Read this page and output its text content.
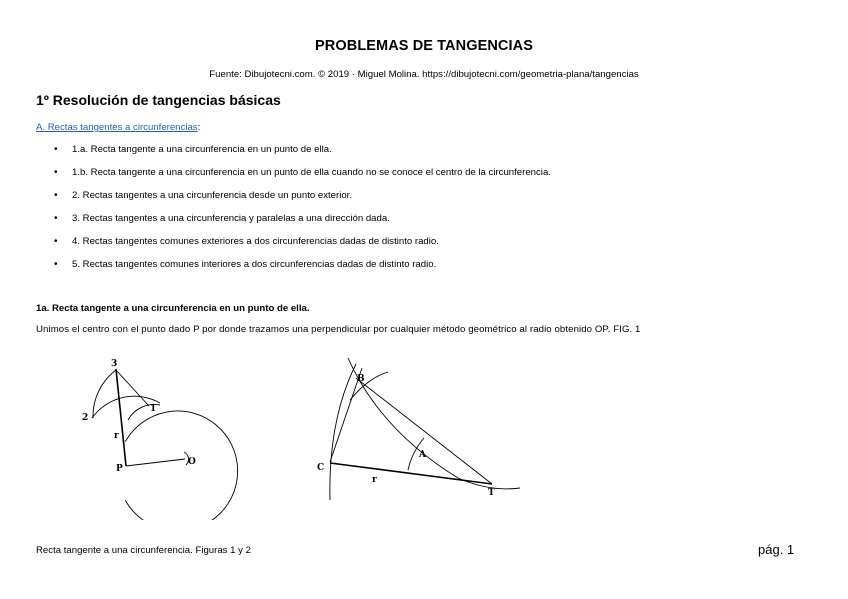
PROBLEMAS DE TANGENCIAS
Fuente: Dibujotecni.com. © 2019 · Miguel Molina. https://dibujotecni.com/geometria-plana/tangencias
1º Resolución de tangencias básicas
A. Rectas tangentes a circunferencias:
• 1.a. Recta tangente a una circunferencia en un punto de ella.
• 1.b. Recta tangente a una circunferencia en un punto de ella cuando no se conoce el centro de la circunferencia.
• 2. Rectas tangentes a una circunferencia desde un punto exterior.
• 3. Rectas tangentes a una circunferencia y paralelas a una dirección dada.
• 4. Rectas tangentes comunes exteriores a dos circunferencias dadas de distinto radio.
• 5. Rectas tangentes comunes interiores a dos circunferencias dadas de distinto radio.
1a. Recta tangente a una circunferencia en un punto de ella.
Unimos el centro con el punto dado P por donde trazamos una perpendicular por cualquier método geométrico al radio obtenido OP. FIG. 1
3
2
1
r
P
O
B
A
C
r
T
Recta tangente a una circunferencia. Figuras 1 y 2	pág. 1
